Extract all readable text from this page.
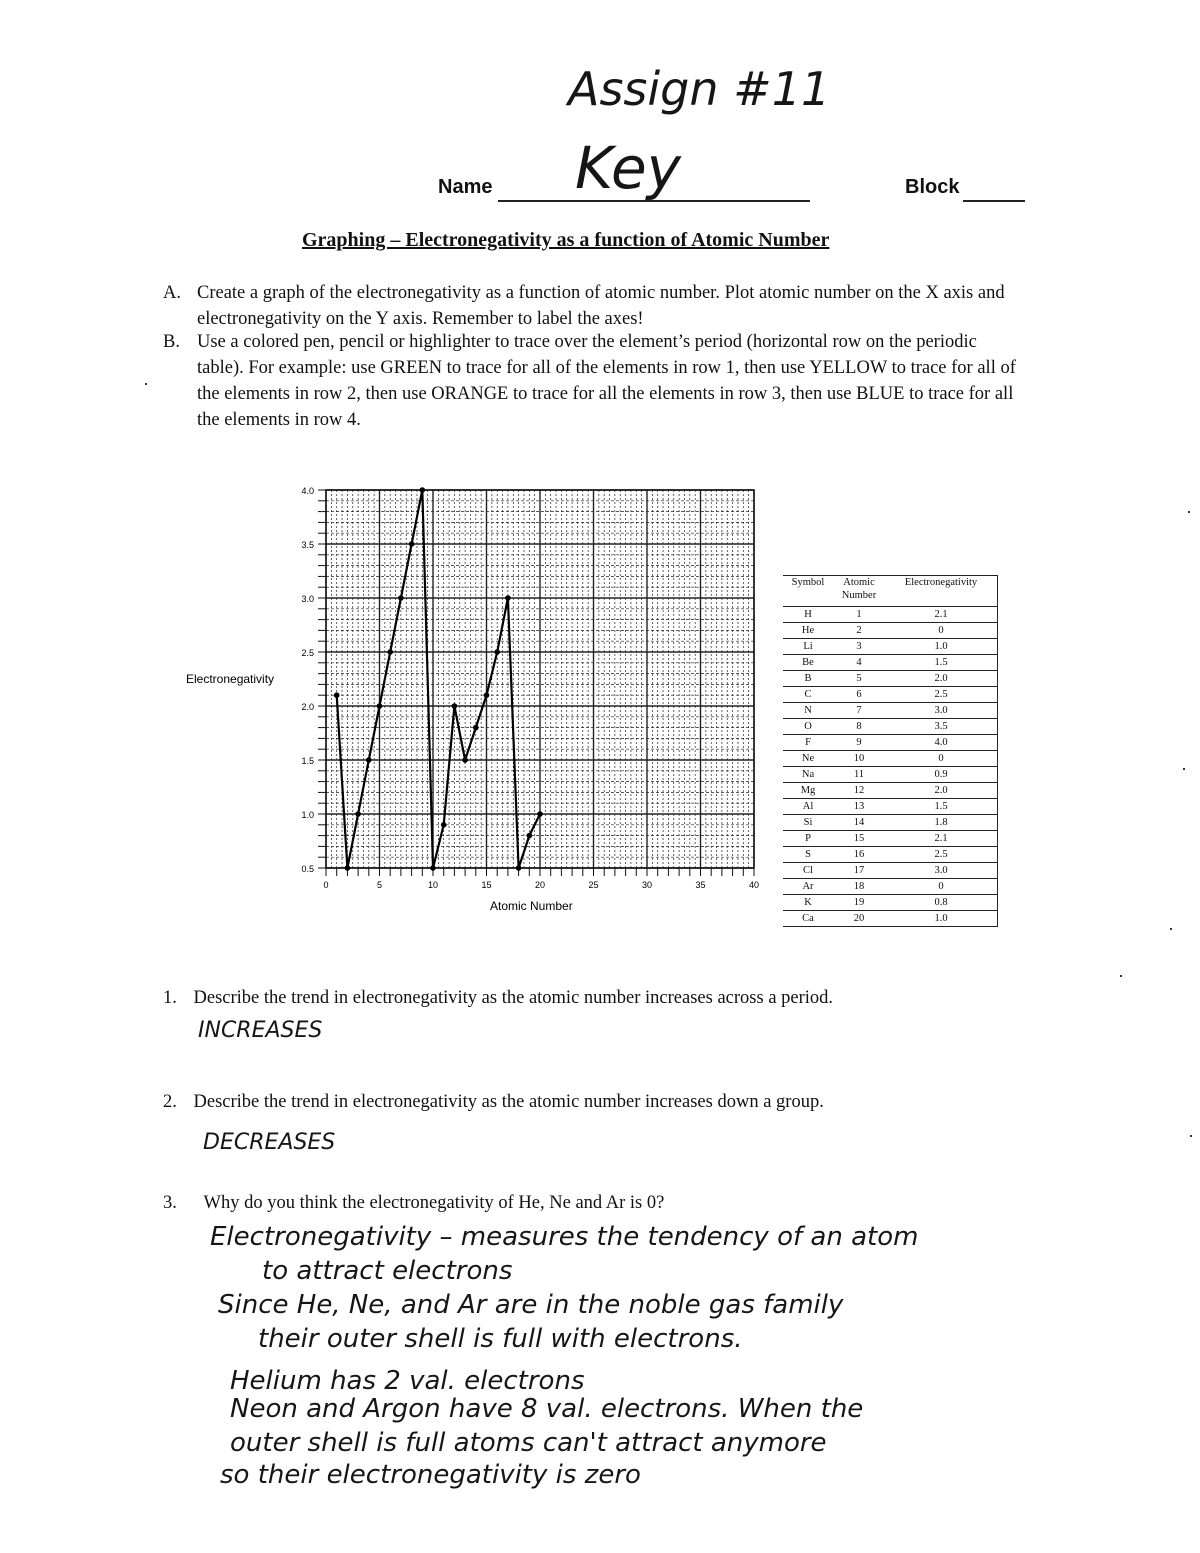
Assign #11
Name Key	Block
Graphing – Electronegativity as a function of Atomic Number
A. Create a graph of the electronegativity as a function of atomic number. Plot atomic number on the X axis and electronegativity on the Y axis. Remember to label the axes!
B. Use a colored pen, pencil or highlighter to trace over the element’s period (horizontal row on the periodic table). For example: use GREEN to trace for all of the elements in row 1, then use YELLOW to trace for all of the elements in row 2, then use ORANGE to trace for all the elements in row 3, then use BLUE to trace for all the elements in row 4.
0.5
1.0
1.5
2.0
2.5
3.0
3.5
4.0
0	5	10	15	20	25	30	35	40
Electronegativity
Atomic Number
Symbol	Atomic Number	Electronegativity
H	1	2.1
He	2	0
Li	3	1.0
Be	4	1.5
B	5	2.0
C	6	2.5
N	7	3.0
O	8	3.5
F	9	4.0
Ne	10	0
Na	11	0.9
Mg	12	2.0
Al	13	1.5
Si	14	1.8
P	15	2.1
S	16	2.5
Cl	17	3.0
Ar	18	0
K	19	0.8
Ca	20	1.0
1. Describe the trend in electronegativity as the atomic number increases across a period.
INCREASES
2. Describe the trend in electronegativity as the atomic number increases down a group.
DECREASES
3. Why do you think the electronegativity of He, Ne and Ar is 0?
Electronegativity – measures the tendency of an atom
to attract electrons
Since He, Ne, and Ar are in the noble gas family
their outer shell is full with electrons.
Helium has 2 val. electrons
Neon and Argon have 8 val. electrons. When the
outer shell is full atoms can't attract anymore
so their electronegativity is zero
